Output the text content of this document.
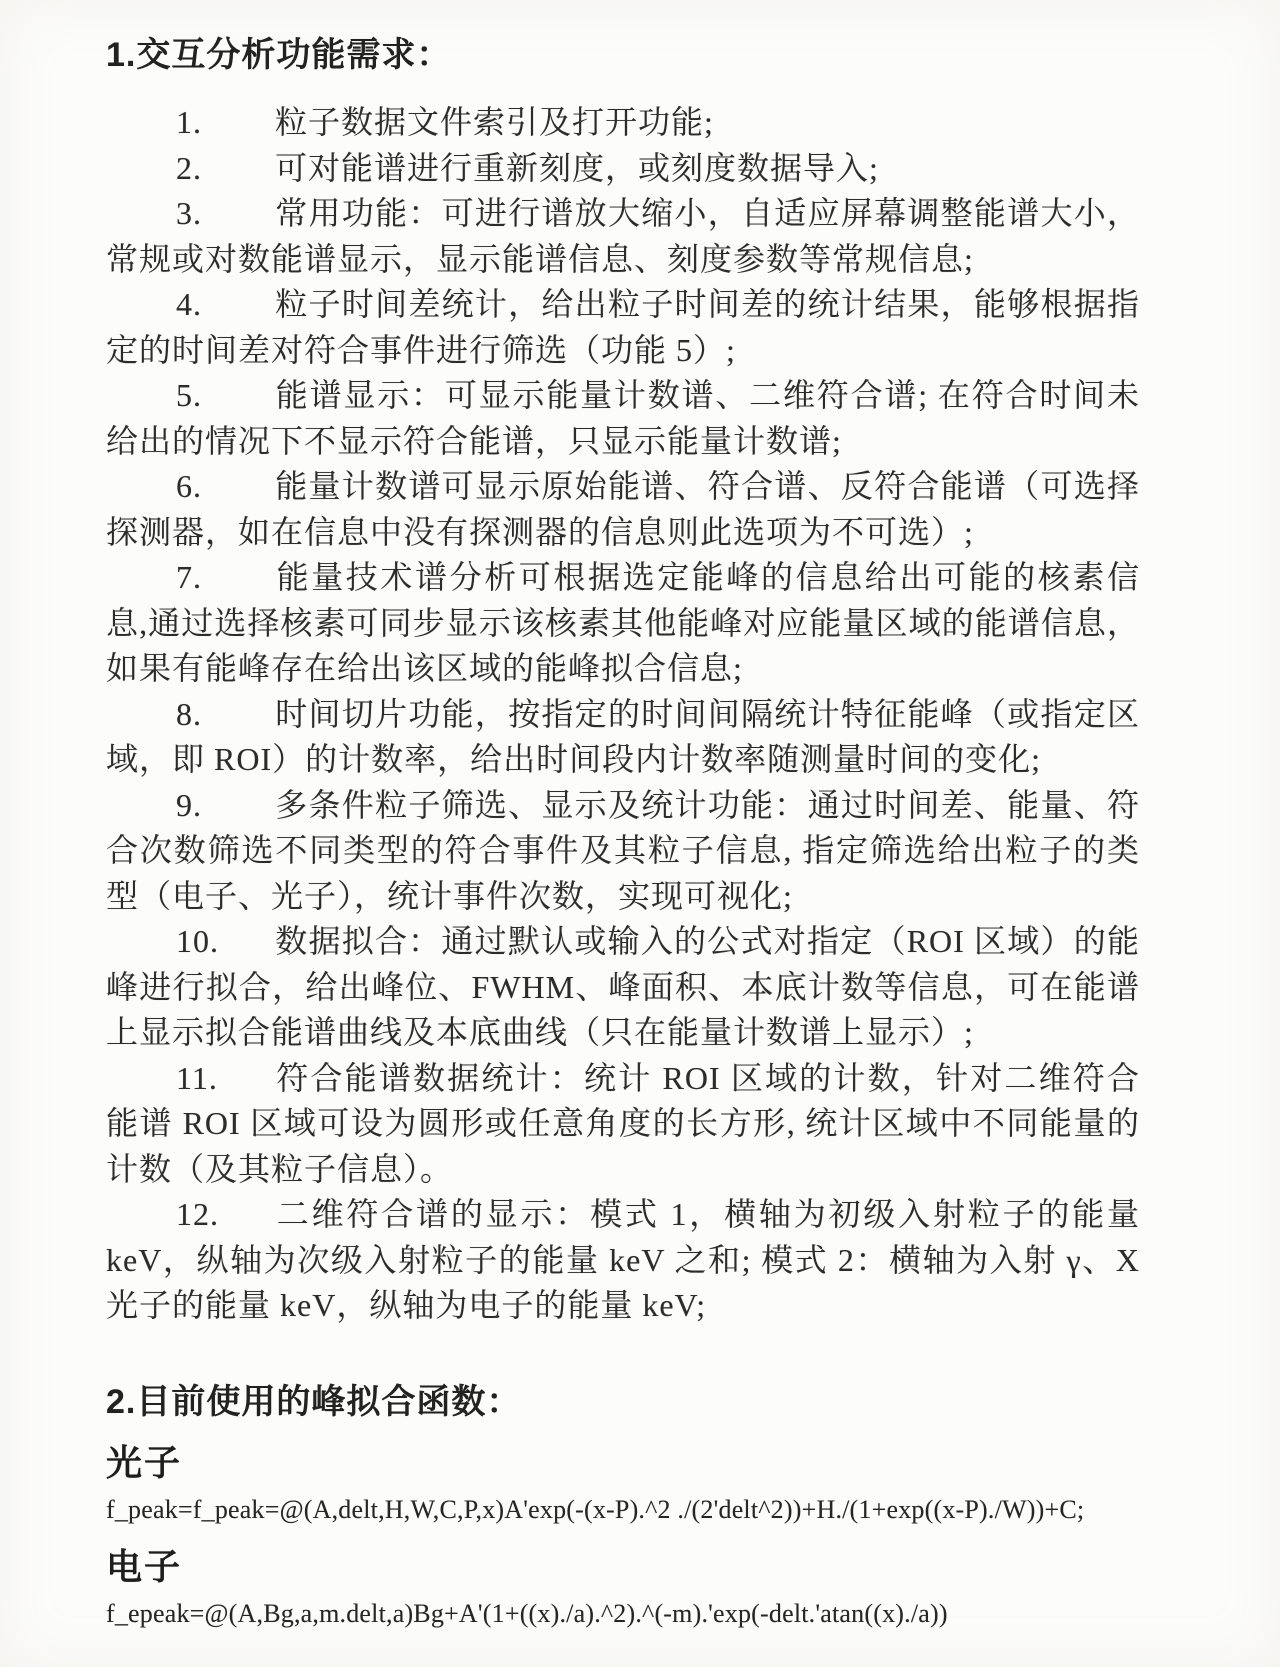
1.交互分析功能需求：

1. 粒子数据文件索引及打开功能;

2. 可对能谱进行重新刻度，或刻度数据导入;

3. 常用功能：可进行谱放大缩小，自适应屏幕调整能谱大小，常规或对数能谱显示，显示能谱信息、刻度参数等常规信息;

4. 粒子时间差统计，给出粒子时间差的统计结果，能够根据指定的时间差对符合事件进行筛选（功能 5）;

5. 能谱显示：可显示能量计数谱、二维符合谱; 在符合时间未给出的情况下不显示符合能谱，只显示能量计数谱;

6. 能量计数谱可显示原始能谱、符合谱、反符合能谱（可选择探测器，如在信息中没有探测器的信息则此选项为不可选）;

7. 能量技术谱分析可根据选定能峰的信息给出可能的核素信息,通过选择核素可同步显示该核素其他能峰对应能量区域的能谱信息，如果有能峰存在给出该区域的能峰拟合信息;

8. 时间切片功能，按指定的时间间隔统计特征能峰（或指定区域，即 ROI）的计数率，给出时间段内计数率随测量时间的变化;

9. 多条件粒子筛选、显示及统计功能：通过时间差、能量、符合次数筛选不同类型的符合事件及其粒子信息, 指定筛选给出粒子的类型（电子、光子），统计事件次数，实现可视化;

10. 数据拟合：通过默认或输入的公式对指定（ROI 区域）的能峰进行拟合，给出峰位、FWHM、峰面积、本底计数等信息，可在能谱上显示拟合能谱曲线及本底曲线（只在能量计数谱上显示）;

11. 符合能谱数据统计：统计 ROI 区域的计数，针对二维符合能谱 ROI 区域可设为圆形或任意角度的长方形, 统计区域中不同能量的计数（及其粒子信息）。

12. 二维符合谱的显示：模式 1，横轴为初级入射粒子的能量 keV，纵轴为次级入射粒子的能量 keV 之和; 模式 2：横轴为入射 γ、X 光子的能量 keV，纵轴为电子的能量 keV;

2.目前使用的峰拟合函数：
光子
f_peak=f_peak=@(A,delt,H,W,C,P,x)A'exp(-(x-P).^2 ./(2'delt^2))+H./(1+exp((x-P)./W))+C;
电子
f_epeak=@(A,Bg,a,m.delt,a)Bg+A'(1+((x)./a).^2).^(-m).'exp(-delt.'atan((x)./a))
